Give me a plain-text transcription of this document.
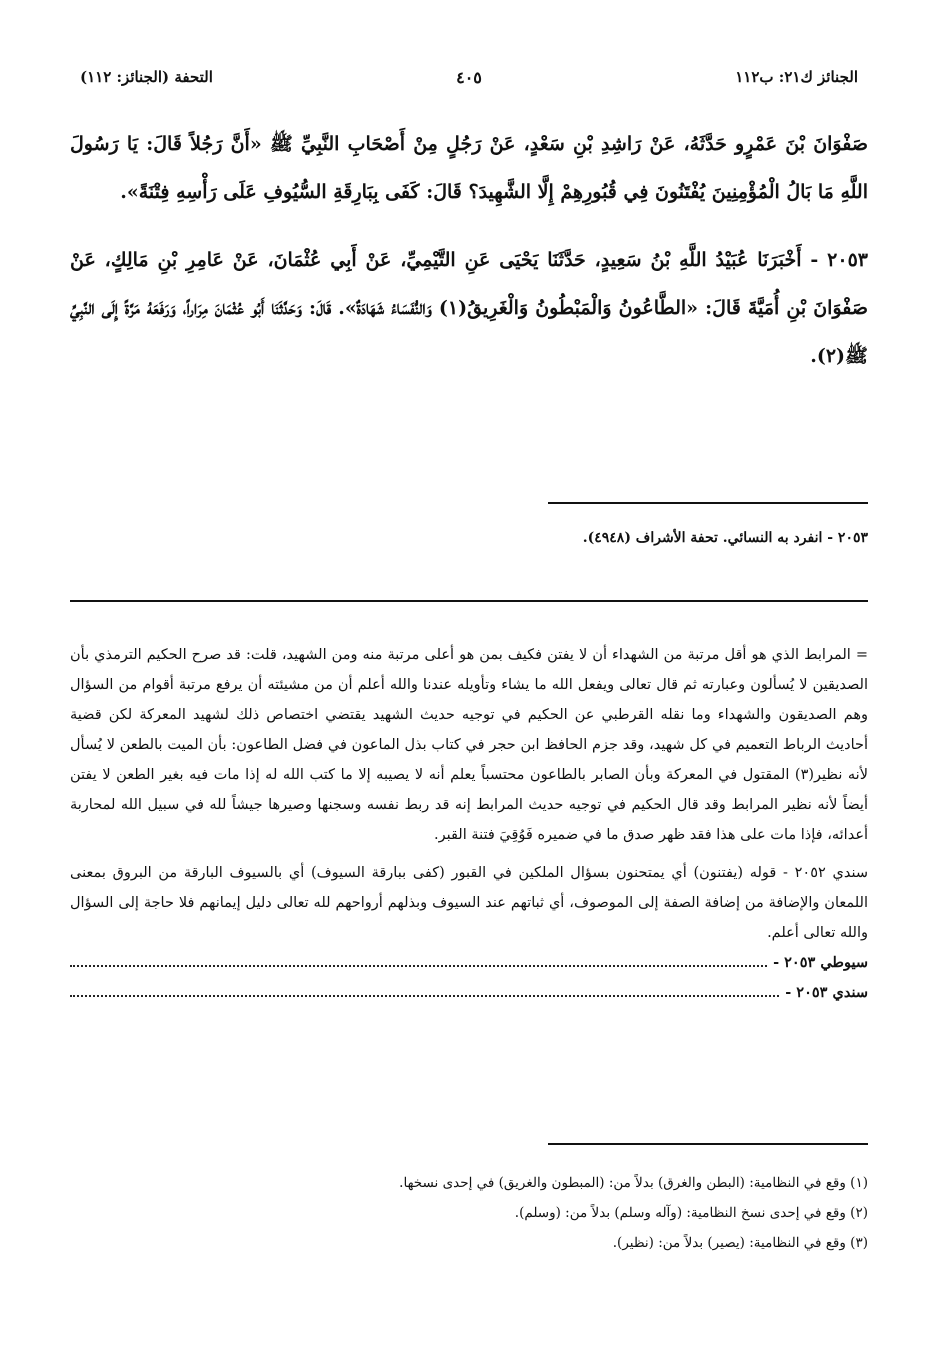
الجنائز ك٢١: ب١١٢
٤٠٥
التحفة (الجنائز: ١١٢)

صَفْوَانَ بْنَ عَمْرٍو حَدَّثَهُ، عَنْ رَاشِدِ بْنِ سَعْدٍ، عَنْ رَجُلٍ مِنْ أَصْحَابِ النَّبِيِّ ﷺ «أَنَّ رَجُلاً قَالَ: يَا رَسُولَ اللَّهِ مَا بَالُ الْمُؤْمِنِينَ يُفْتَنُونَ فِي قُبُورِهِمْ إِلَّا الشَّهِيدَ؟ قَالَ: كَفَى بِبَارِقَةِ السُّيُوفِ عَلَى رَأْسِهِ فِتْنَةً».

٢٠٥٣ - أَخْبَرَنَا عُبَيْدُ اللَّهِ بْنُ سَعِيدٍ، حَدَّثَنَا يَحْيَى عَنِ التَّيْمِيِّ، عَنْ أَبِي عُثْمَانَ، عَنْ عَامِرِ بْنِ مَالِكٍ، عَنْ صَفْوَانَ بْنِ أُمَيَّةَ قَالَ: «الطَّاعُونُ وَالْمَبْطُونُ وَالْغَرِيقُ(١) وَالنُّفَسَاءُ شَهَادَةٌ». قَالَ: وَحَدَّثَنَا أَبُو عُثْمَانَ مِرَاراً، وَرَفَعَهُ مَرَّةً إِلَى النَّبِيِّ ﷺ(٢).

٢٠٥٣ - انفرد به النسائي. تحفة الأشراف (٤٩٤٨).

= المرابط الذي هو أقل مرتبة من الشهداء أن لا يفتن فكيف بمن هو أعلى مرتبة منه ومن الشهيد، قلت: قد صرح الحكيم الترمذي بأن الصديقين لا يُسألون وعبارته ثم قال تعالى ويفعل الله ما يشاء وتأويله عندنا والله أعلم أن من مشيئته أن يرفع مرتبة أقوام من السؤال وهم الصديقون والشهداء وما نقله القرطبي عن الحكيم في توجيه حديث الشهيد يقتضي اختصاص ذلك لشهيد المعركة لكن قضية أحاديث الرباط التعميم في كل شهيد، وقد جزم الحافظ ابن حجر في كتاب بذل الماعون في فضل الطاعون: بأن الميت بالطعن لا يُسأل لأنه نظير(٣) المقتول في المعركة وبأن الصابر بالطاعون محتسباً يعلم أنه لا يصيبه إلا ما كتب الله له إذا مات فيه بغير الطعن لا يفتن أيضاً لأنه نظير المرابط وقد قال الحكيم في توجيه حديث المرابط إنه قد ربط نفسه وسجنها وصيرها جيشاً لله في سبيل الله لمحاربة أعدائه، فإذا مات على هذا فقد ظهر صدق ما في ضميره فَوُقِيَ فتنة القبر.

سندي ٢٠٥٢ - قوله (يفتنون) أي يمتحنون بسؤال الملكين في القبور (كفى ببارقة السيوف) أي بالسيوف البارقة من البروق بمعنى اللمعان والإضافة من إضافة الصفة إلى الموصوف، أي ثباتهم عند السيوف وبذلهم أرواحهم لله تعالى دليل إيمانهم فلا حاجة إلى السؤال والله تعالى أعلم.

سيوطي ٢٠٥٣ -
سندي ٢٠٥٣ -

(١) وقع في النظامية: (البطن والغرق) بدلاً من: (المبطون والغريق) في إحدى نسخها.

(٢) وقع في إحدى نسخ النظامية: (وآله وسلم) بدلاً من: (وسلم).

(٣) وقع في النظامية: (يصير) بدلاً من: (نظير).
